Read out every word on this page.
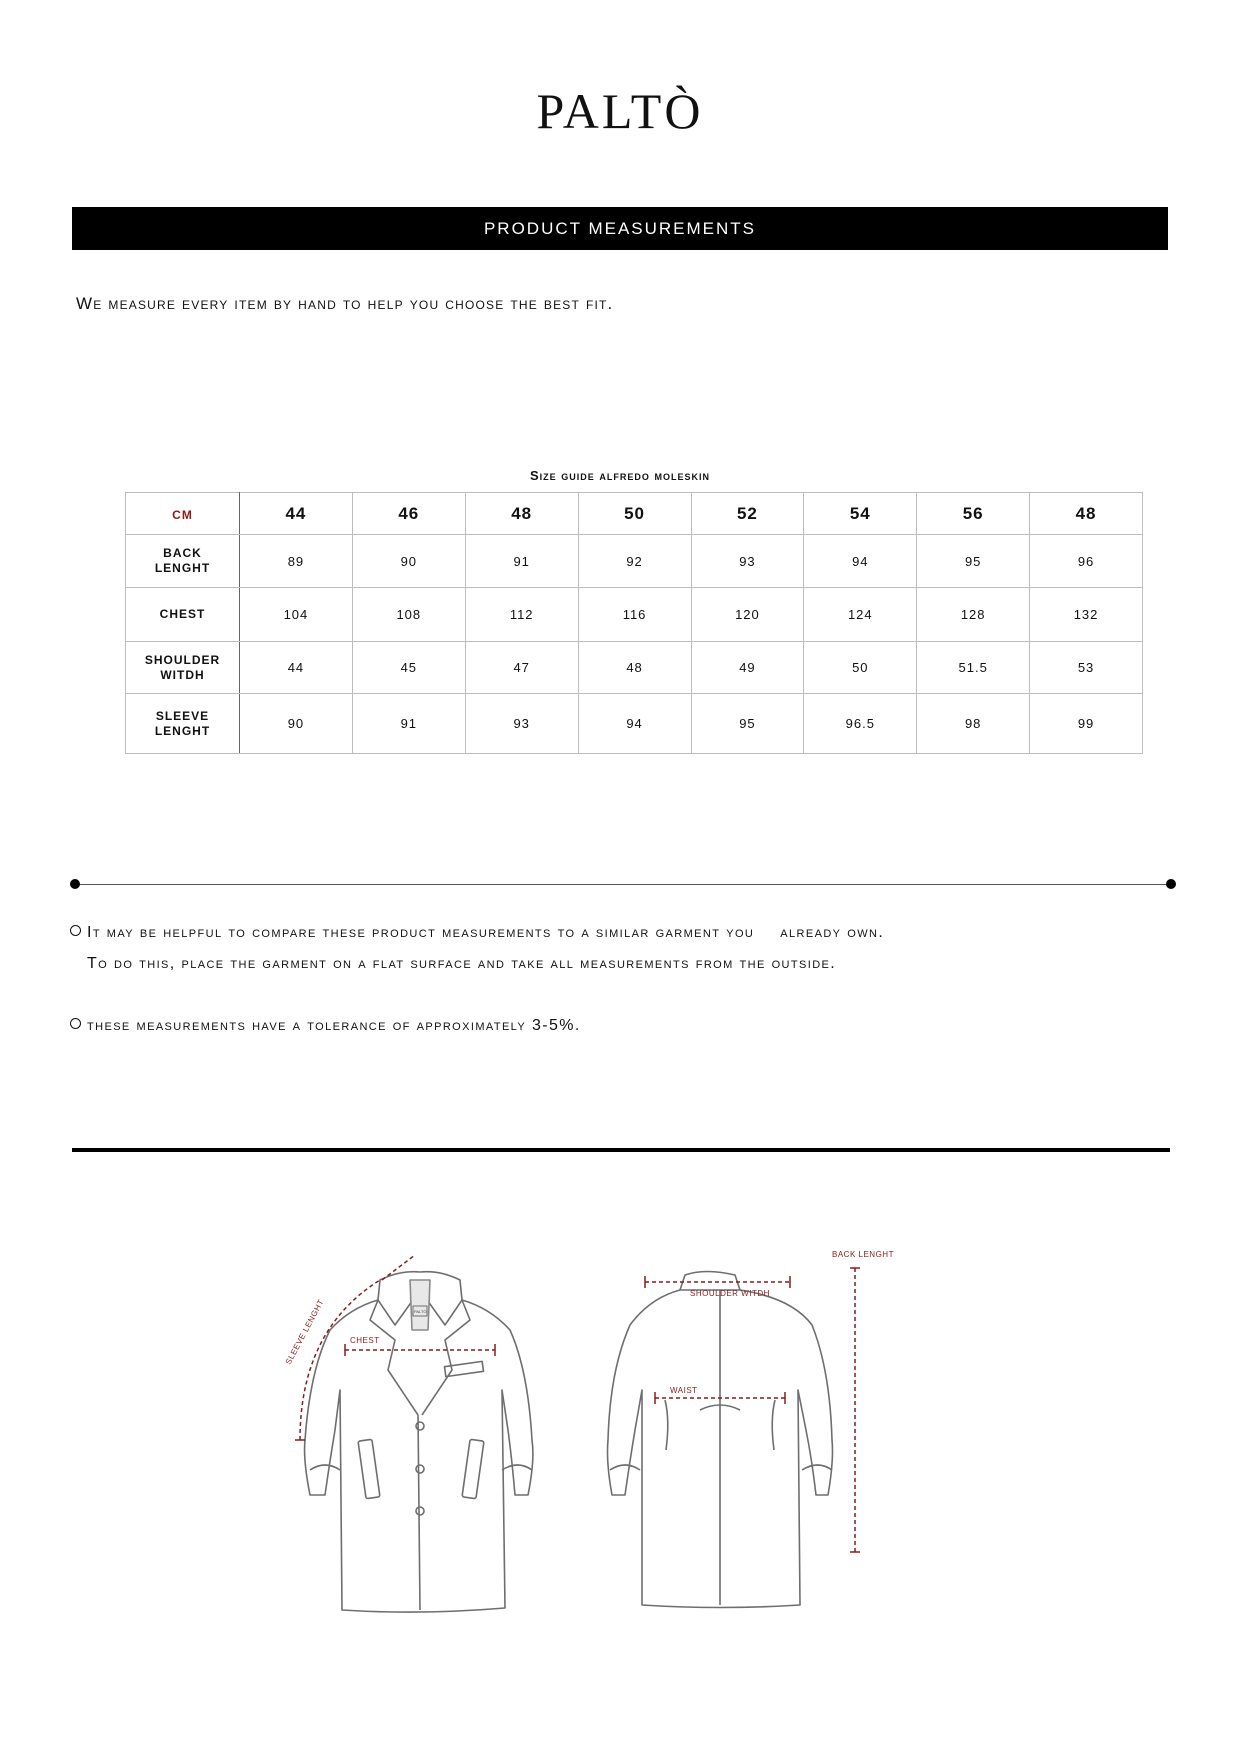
PALTÒ
PRODUCT MEASUREMENTS
We measure every item by hand to help you choose the best fit.
Size guide alfredo moleskin
cm	44	46	48	50	52	54	56	48
BACK
LENGHT	89	90	91	92	93	94	95	96
CHEST	104	108	112	116	120	124	128	132
SHOULDER
WITDH	44	45	47	48	49	50	51.5	53
SLEEVE
LENGHT	90	91	93	94	95	96.5	98	99
It may be helpful to compare these product measurements to a similar garment you already own.
To do this, place the garment on a flat surface and take all measurements from the outside.
these measurements have a tolerance of approximately 3-5%.
SLEEVE LENGHT	CHEST
SHOULDER WITDH
WAIST
BACK LENGHT
PALTÒ
